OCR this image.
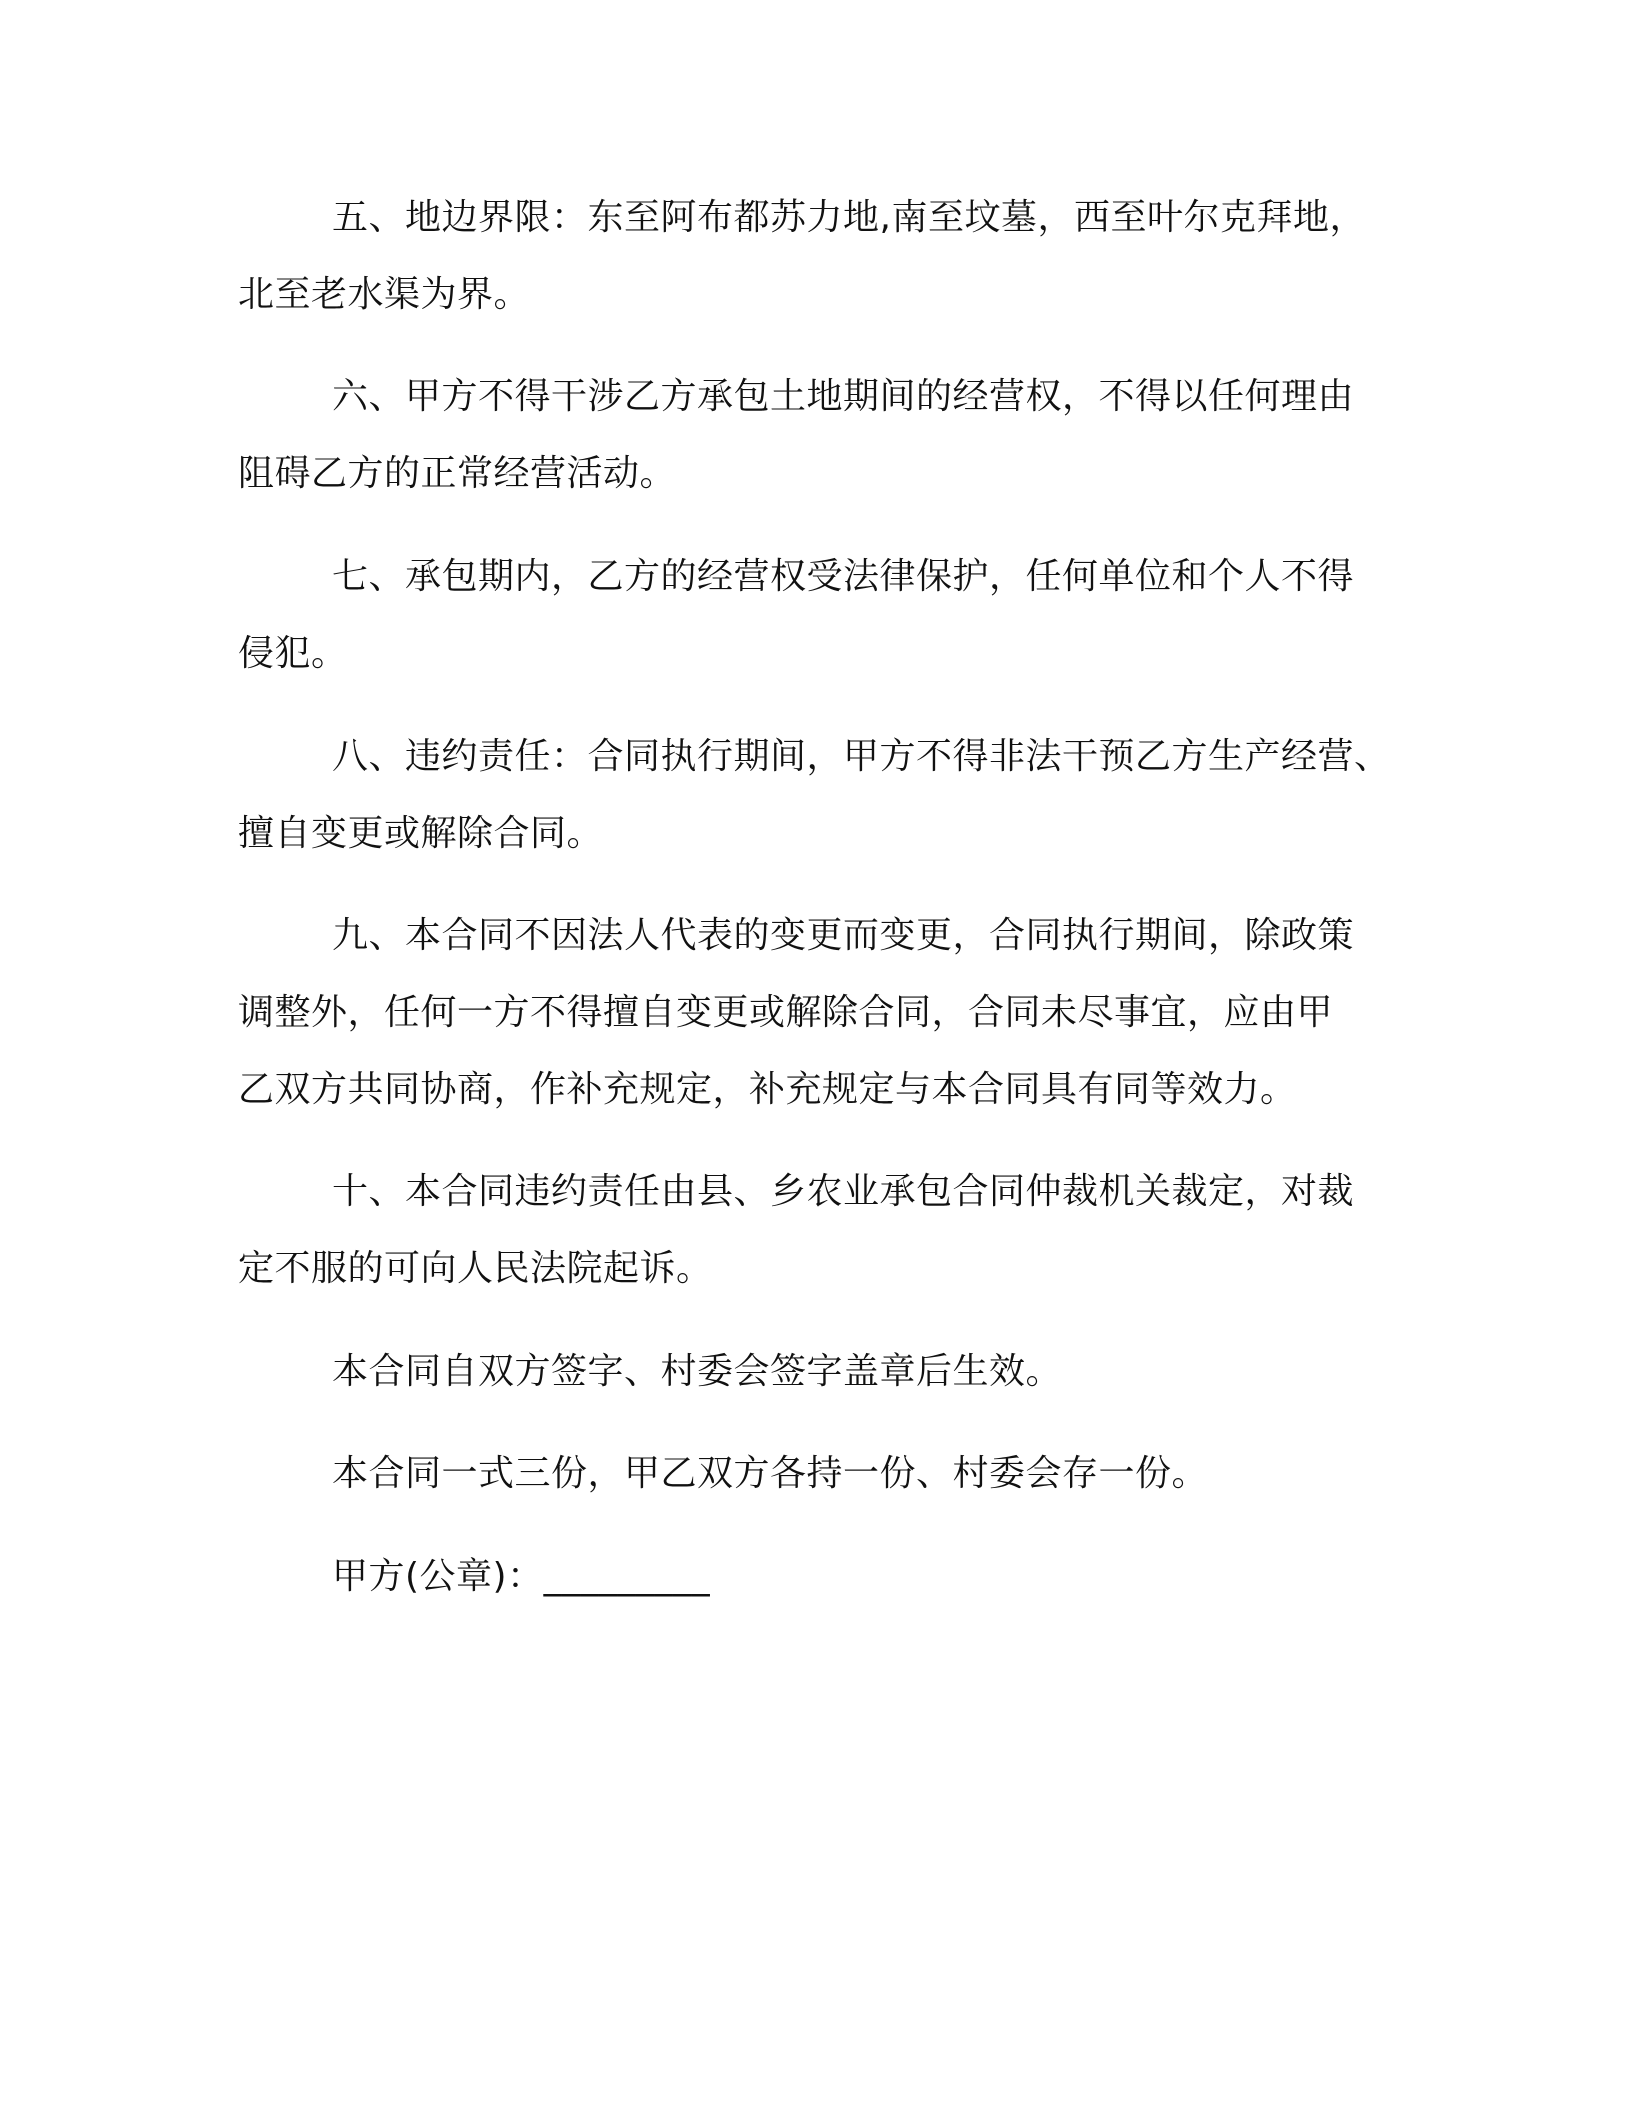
五、地边界限：东至阿布都苏力地,南至坟墓，西至叶尔克拜地，

北至老水渠为界。

六、甲方不得干涉乙方承包土地期间的经营权，不得以任何理由

阻碍乙方的正常经营活动。

七、承包期内，乙方的经营权受法律保护，任何单位和个人不得

侵犯。

八、违约责任：合同执行期间，甲方不得非法干预乙方生产经营、

擅自变更或解除合同。

九、本合同不因法人代表的变更而变更，合同执行期间，除政策

调整外，任何一方不得擅自变更或解除合同，合同未尽事宜，应由甲

乙双方共同协商，作补充规定，补充规定与本合同具有同等效力。

十、本合同违约责任由县、乡农业承包合同仲裁机关裁定，对裁

定不服的可向人民法院起诉。

本合同自双方签字、村委会签字盖章后生效。

本合同一式三份，甲乙双方各持一份、村委会存一份。

甲方(公章)：_________
